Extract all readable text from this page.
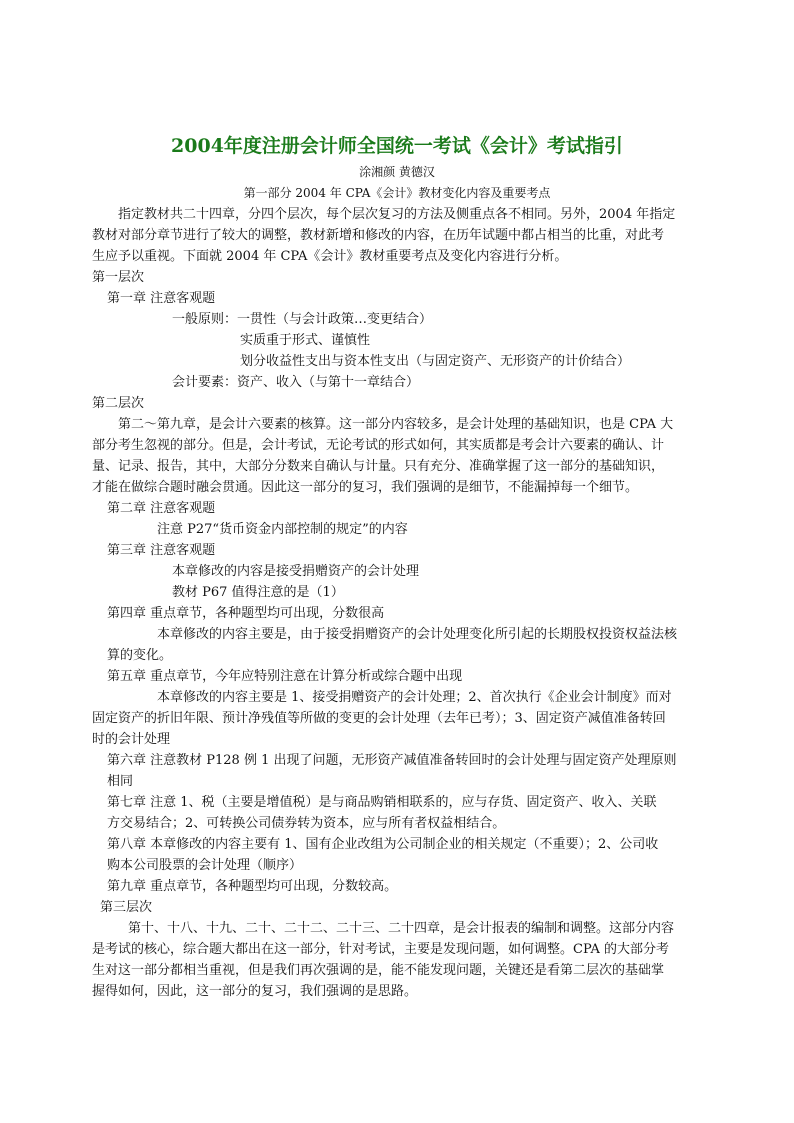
2004年度注册会计师全国统一考试《会计》考试指引
涂湘颜 黄德汉
第一部分 2004 年 CPA《会计》教材变化内容及重要考点
指定教材共二十四章，分四个层次，每个层次复习的方法及侧重点各不相同。另外，2004 年指定
教材对部分章节进行了较大的调整，教材新增和修改的内容，在历年试题中都占相当的比重，对此考
生应予以重视。下面就 2004 年 CPA《会计》教材重要考点及变化内容进行分析。
第一层次
第一章 注意客观题
一般原则：一贯性（与会计政策…变更结合）
实质重于形式、谨慎性
划分收益性支出与资本性支出（与固定资产、无形资产的计价结合）
会计要素：资产、收入（与第十一章结合）
第二层次
第二～第九章，是会计六要素的核算。这一部分内容较多，是会计处理的基础知识，也是 CPA 大
部分考生忽视的部分。但是，会计考试，无论考试的形式如何，其实质都是考会计六要素的确认、计
量、记录、报告，其中，大部分分数来自确认与计量。只有充分、准确掌握了这一部分的基础知识，
才能在做综合题时融会贯通。因此这一部分的复习，我们强调的是细节，不能漏掉每一个细节。
第二章 注意客观题
注意 P27“货币资金内部控制的规定”的内容
第三章 注意客观题
本章修改的内容是接受捐赠资产的会计处理
教材 P67 值得注意的是（1）
第四章 重点章节，各种题型均可出现，分数很高
本章修改的内容主要是，由于接受捐赠资产的会计处理变化所引起的长期股权投资权益法核
算的变化。
第五章 重点章节，今年应特别注意在计算分析或综合题中出现
本章修改的内容主要是 1、接受捐赠资产的会计处理；2、首次执行《企业会计制度》而对
固定资产的折旧年限、预计净残值等所做的变更的会计处理（去年已考）；3、固定资产减值准备转回
时的会计处理
第六章 注意教材 P128 例 1 出现了问题，无形资产减值准备转回时的会计处理与固定资产处理原则
相同
第七章 注意 1、税（主要是增值税）是与商品购销相联系的，应与存货、固定资产、收入、关联
方交易结合；2、可转换公司债券转为资本，应与所有者权益相结合。
第八章 本章修改的内容主要有 1、国有企业改组为公司制企业的相关规定（不重要）；2、公司收
购本公司股票的会计处理（顺序）
第九章 重点章节，各种题型均可出现，分数较高。
第三层次
第十、十八、十九、二十、二十二、二十三、二十四章，是会计报表的编制和调整。这部分内容
是考试的核心，综合题大都出在这一部分，针对考试，主要是发现问题，如何调整。CPA 的大部分考
生对这一部分都相当重视，但是我们再次强调的是，能不能发现问题，关键还是看第二层次的基础掌
握得如何，因此，这一部分的复习，我们强调的是思路。
